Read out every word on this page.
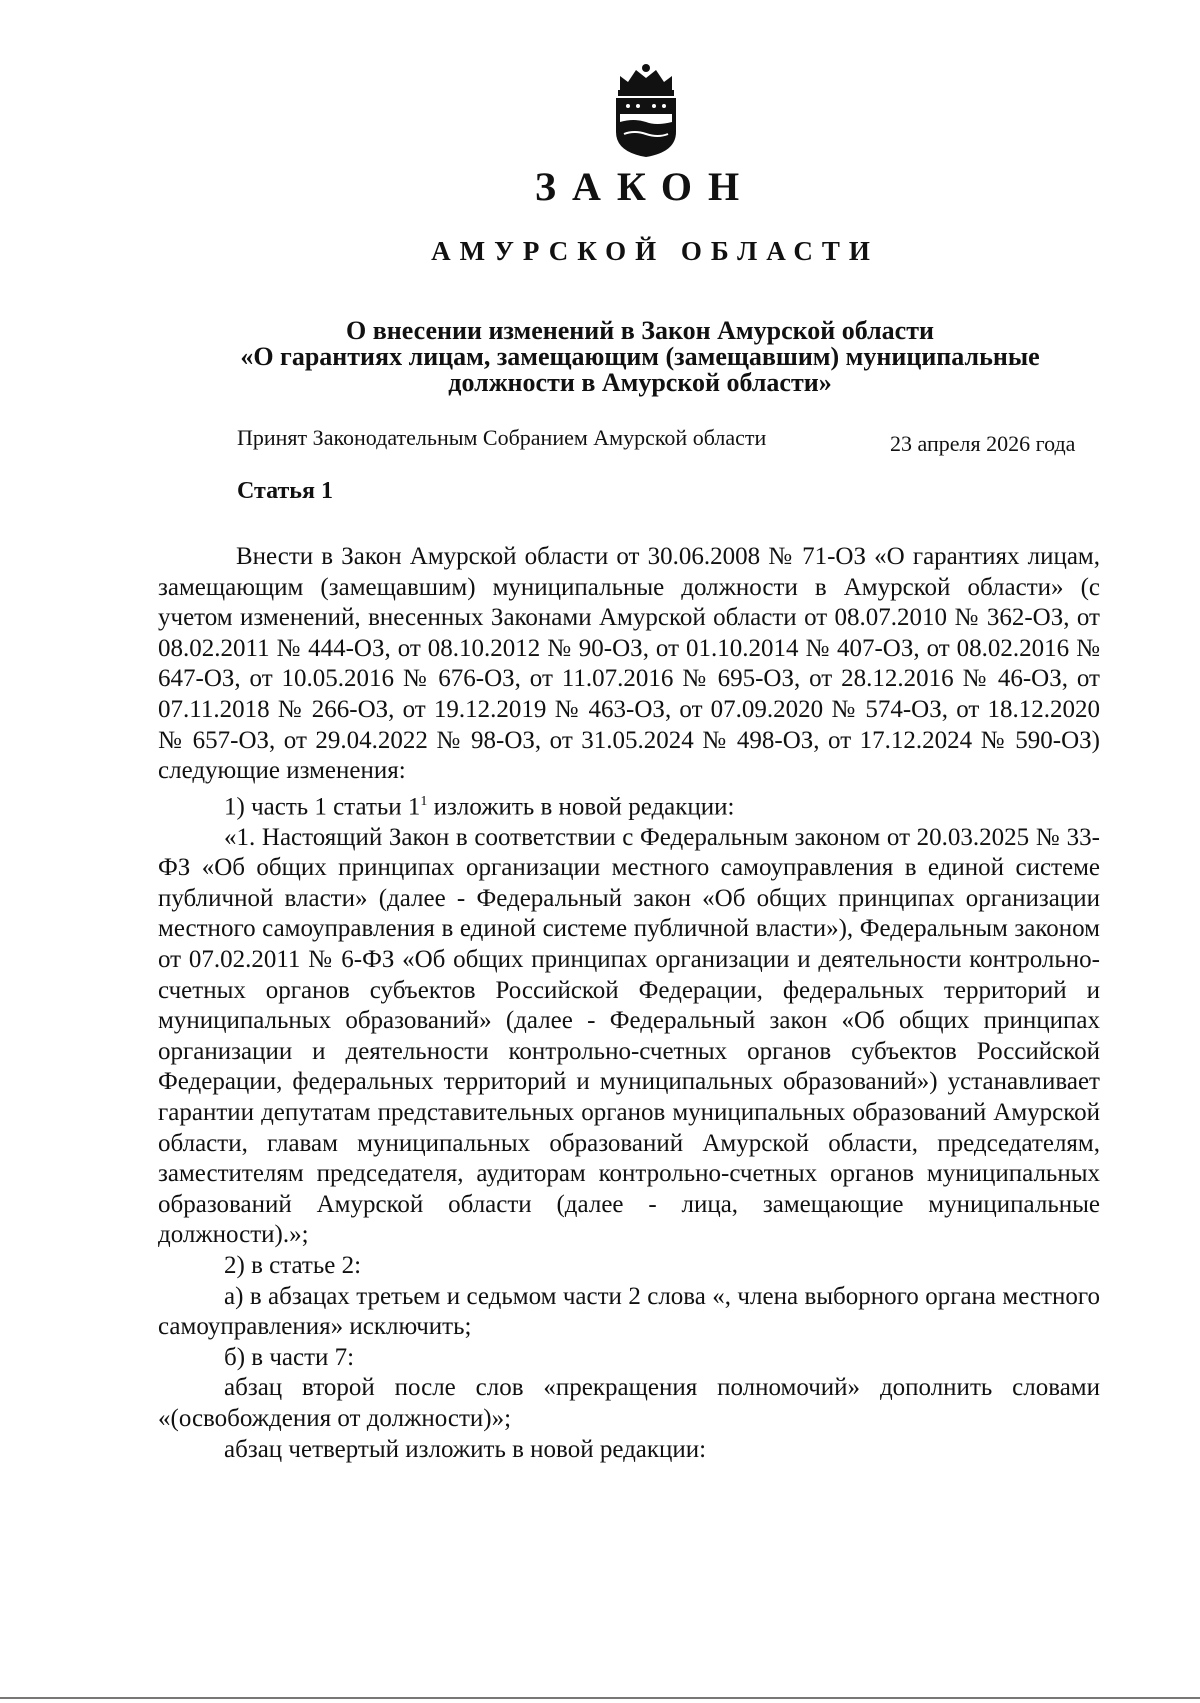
ЗАКОН
АМУРСКОЙ ОБЛАСТИ
О внесении изменений в Закон Амурской области
«О гарантиях лицам, замещающим (замещавшим) муниципальные
должности в Амурской области»
Принят Законодательным Собранием Амурской области	23 апреля 2026 года
Статья 1

Внести в Закон Амурской области от 30.06.2008 № 71-ОЗ «О гарантиях лицам, замещающим (замещавшим) муниципальные должности в Амурской области» (с учетом изменений, внесенных Законами Амурской области от 08.07.2010 № 362-ОЗ, от 08.02.2011 № 444-ОЗ, от 08.10.2012 № 90-ОЗ, от 01.10.2014 № 407-ОЗ, от 08.02.2016 № 647-ОЗ, от 10.05.2016 № 676-ОЗ, от 11.07.2016 № 695-ОЗ, от 28.12.2016 № 46-ОЗ, от 07.11.2018 № 266-ОЗ, от 19.12.2019 № 463-ОЗ, от 07.09.2020 № 574-ОЗ, от 18.12.2020 № 657-ОЗ, от 29.04.2022 № 98-ОЗ, от 31.05.2024 № 498-ОЗ, от 17.12.2024 № 590-ОЗ) следующие изменения:

1) часть 1 статьи $1^1$ изложить в новой редакции:

«1. Настоящий Закон в соответствии с Федеральным законом от 20.03.2025 № 33-ФЗ «Об общих принципах организации местного самоуправления в единой системе публичной власти» (далее - Федеральный закон «Об общих принципах организации местного самоуправления в единой системе публичной власти»), Федеральным законом от 07.02.2011 № 6-ФЗ «Об общих принципах организации и деятельности контрольно-счетных органов субъектов Российской Федерации, федеральных территорий и муниципальных образований» (далее - Федеральный закон «Об общих принципах организации и деятельности контрольно-счетных органов субъектов Российской Федерации, федеральных территорий и муниципальных образований») устанавливает гарантии депутатам представительных органов муниципальных образований Амурской области, главам муниципальных образований Амурской области, председателям, заместителям председателя, аудиторам контрольно-счетных органов муниципальных образований Амурской области (далее - лица, замещающие муниципальные должности).»;

2) в статье 2:

а) в абзацах третьем и седьмом части 2 слова «, члена выборного органа местного самоуправления» исключить;

б) в части 7:

абзац второй после слов «прекращения полномочий» дополнить словами «(освобождения от должности)»;

абзац четвертый изложить в новой редакции:
